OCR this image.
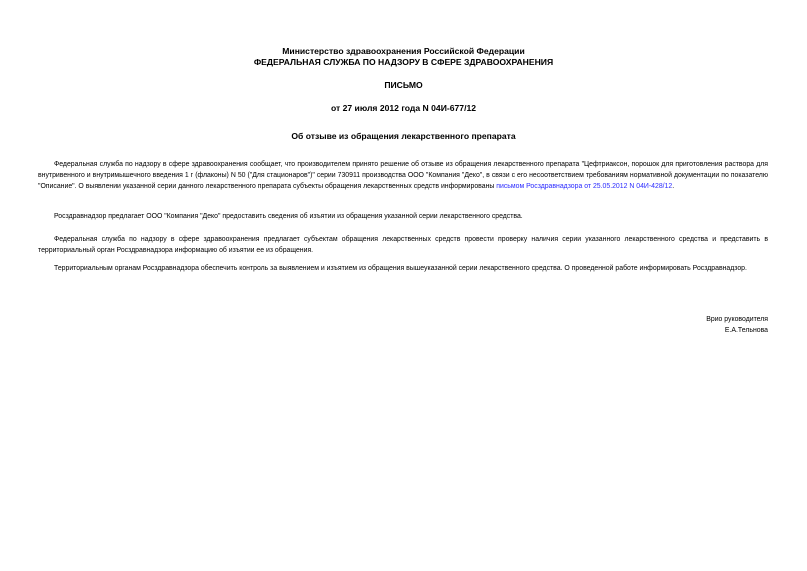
Министерство здравоохранения Российской Федерации
ФЕДЕРАЛЬНАЯ СЛУЖБА ПО НАДЗОРУ В СФЕРЕ ЗДРАВООХРАНЕНИЯ
ПИСЬМО
от 27 июля 2012 года N 04И-677/12
Об отзыве из обращения лекарственного препарата

Федеральная служба по надзору в сфере здравоохранения сообщает, что производителем принято решение об отзыве из обращения лекарственного препарата "Цефтриаксон, порошок для приготовления раствора для внутривенного и внутримышечного введения 1 г (флаконы) N 50 ("Для стационаров")" серии 730911 производства ООО "Компания "Деко", в связи с его несоответствием требованиям нормативной документации по показателю "Описание". О выявлении указанной серии данного лекарственного препарата субъекты обращения лекарственных средств информированы письмом Росздравнадзора от 25.05.2012 N 04И-428/12.

Росздравнадзор предлагает ООО "Компания "Деко" предоставить сведения об изъятии из обращения указанной серии лекарственного средства.

Федеральная служба по надзору в сфере здравоохранения предлагает субъектам обращения лекарственных средств провести проверку наличия серии указанного лекарственного средства и представить в территориальный орган Росздравнадзора информацию об изъятии ее из обращения.

Территориальным органам Росздравнадзора обеспечить контроль за выявлением и изъятием из обращения вышеуказанной серии лекарственного средства. О проведенной работе информировать Росздравнадзор.

Врио руководителя
Е.А.Тельнова
